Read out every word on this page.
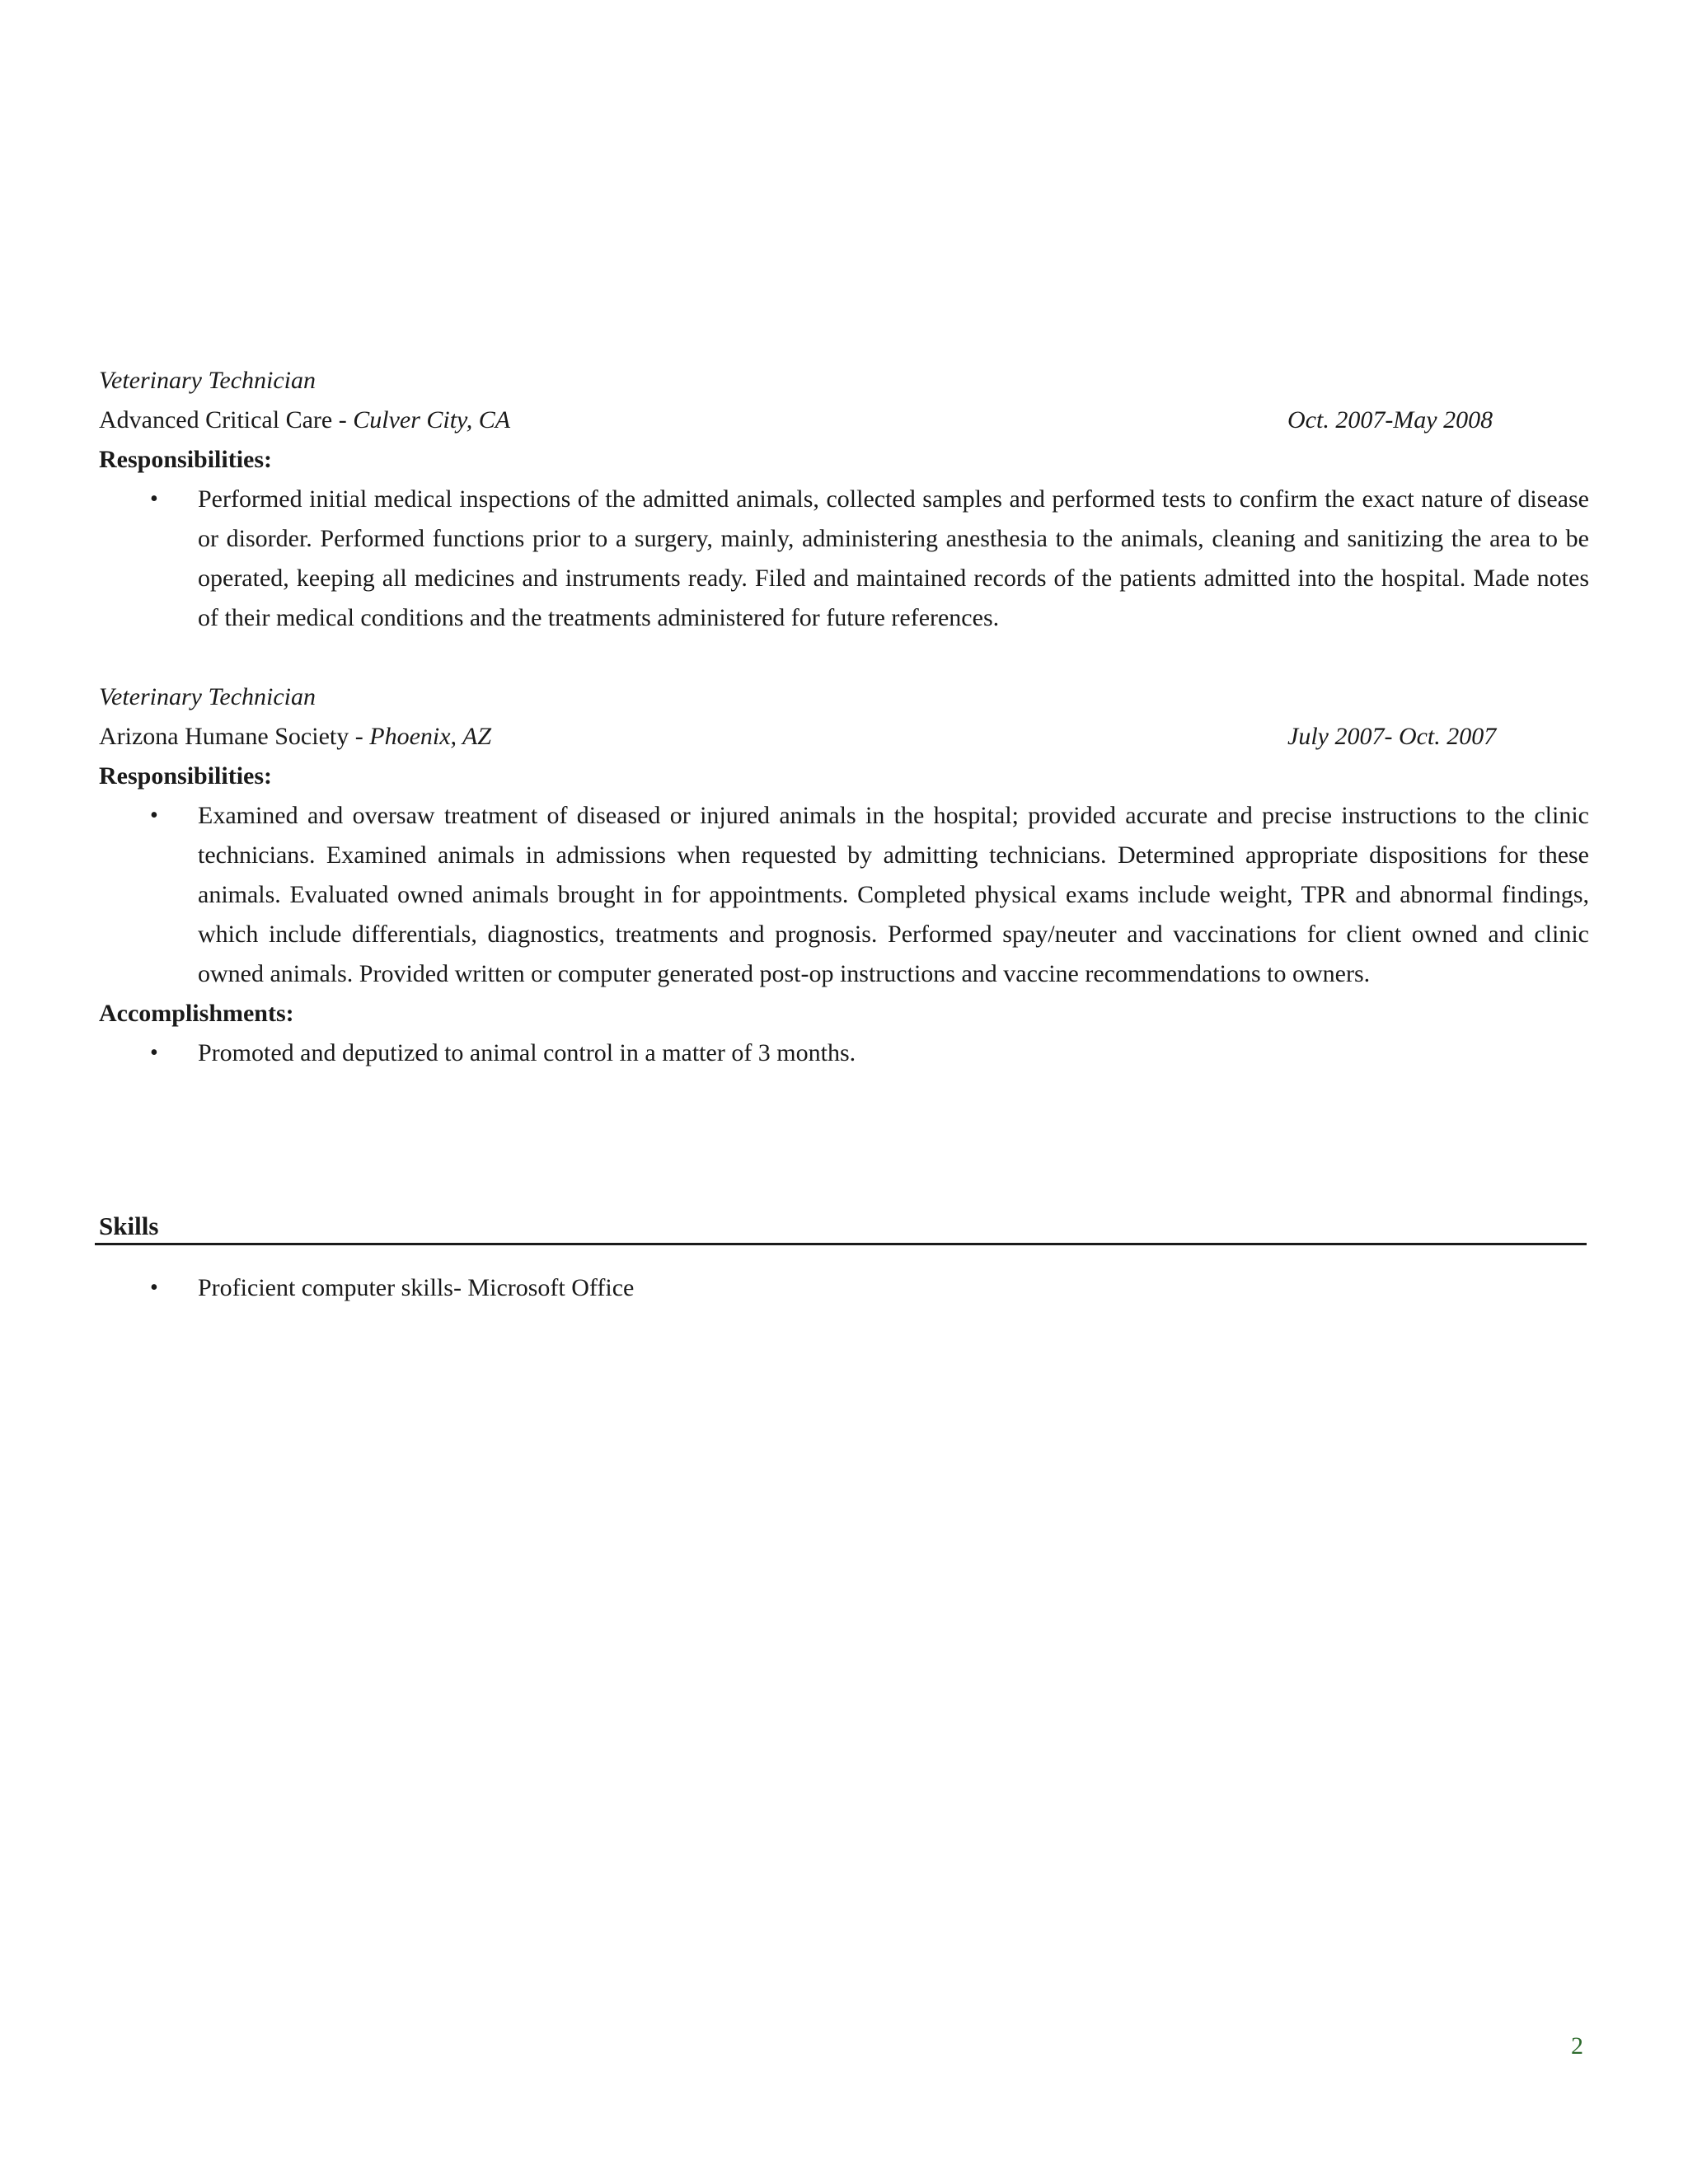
Veterinary Technician
Advanced Critical Care - Culver City, CA	Oct. 2007-May 2008
Responsibilities:
• Performed initial medical inspections of the admitted animals, collected samples and performed tests to confirm the exact nature of disease or disorder. Performed functions prior to a surgery, mainly, administering anesthesia to the animals, cleaning and sanitizing the area to be operated, keeping all medicines and instruments ready. Filed and maintained records of the patients admitted into the hospital. Made notes of their medical conditions and the treatments administered for future references.
Veterinary Technician
Arizona Humane Society - Phoenix, AZ	July 2007- Oct. 2007
Responsibilities:
• Examined and oversaw treatment of diseased or injured animals in the hospital; provided accurate and precise instructions to the clinic technicians. Examined animals in admissions when requested by admitting technicians. Determined appropriate dispositions for these animals. Evaluated owned animals brought in for appointments. Completed physical exams include weight, TPR and abnormal findings, which include differentials, diagnostics, treatments and prognosis. Performed spay/neuter and vaccinations for client owned and clinic owned animals. Provided written or computer generated post-op instructions and vaccine recommendations to owners.
Accomplishments:
• Promoted and deputized to animal control in a matter of 3 months.
Skills
• Proficient computer skills- Microsoft Office
2
